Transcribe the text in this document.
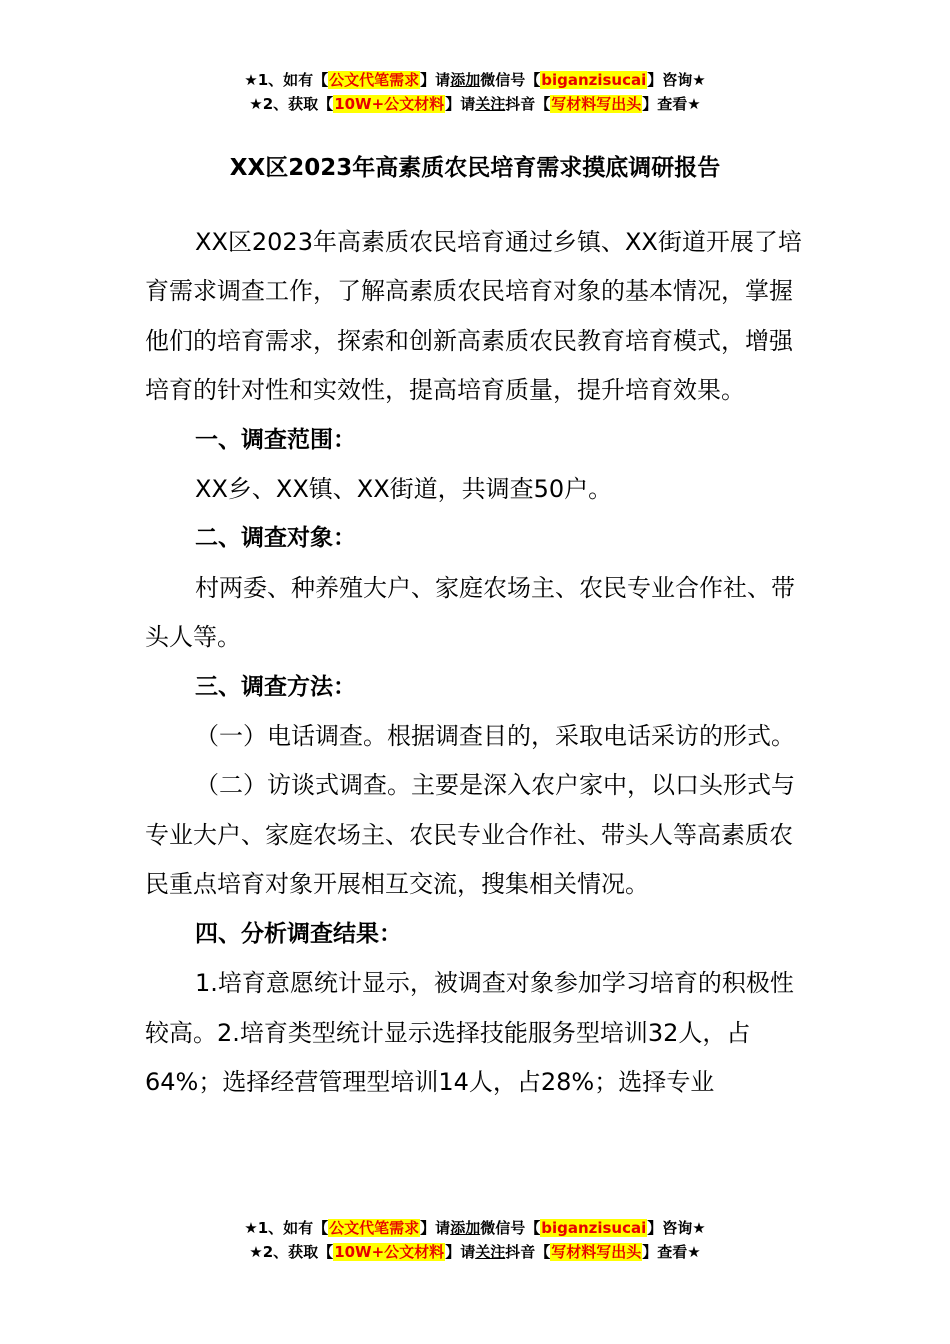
★1、如有【公文代笔需求】请添加微信号【biganzisucai】咨询★
★2、获取【10W+公文材料】请关注抖音【写材料写出头】查看★
XX区2023年高素质农民培育需求摸底调研报告

XX区2023年高素质农民培育通过乡镇、XX街道开展了培育需求调查工作，了解高素质农民培育对象的基本情况，掌握他们的培育需求，探索和创新高素质农民教育培育模式，增强培育的针对性和实效性，提高培育质量，提升培育效果。

一、调查范围：

XX乡、XX镇、XX街道，共调查50户。

二、调查对象：

村两委、种养殖大户、家庭农场主、农民专业合作社、带头人等。

三、调查方法：

（一）电话调查。根据调查目的，采取电话采访的形式。

（二）访谈式调查。主要是深入农户家中，以口头形式与专业大户、家庭农场主、农民专业合作社、带头人等高素质农民重点培育对象开展相互交流，搜集相关情况。

四、分析调查结果：

1.培育意愿统计显示，被调查对象参加学习培育的积极性较高。2.培育类型统计显示选择技能服务型培训32人，占64%；选择经营管理型培训14人，占28%；选择专业

★1、如有【公文代笔需求】请添加微信号【biganzisucai】咨询★
★2、获取【10W+公文材料】请关注抖音【写材料写出头】查看★
